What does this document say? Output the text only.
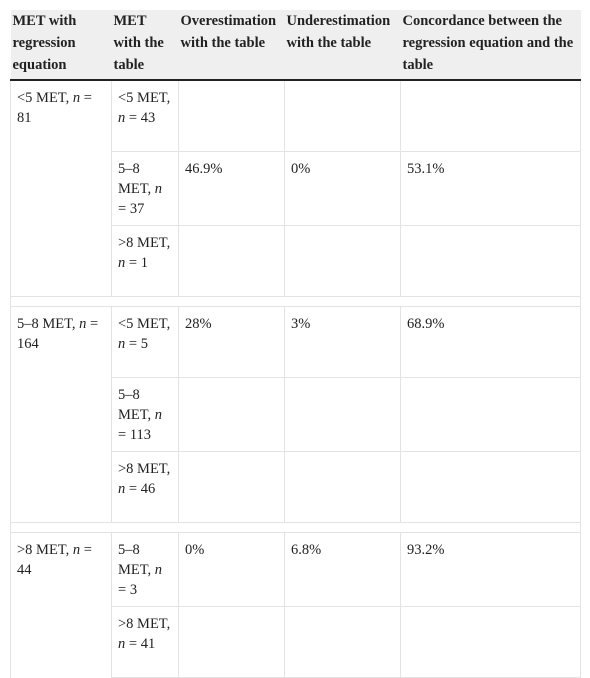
MET with regression equation	MET with the table	Overestimation with the table	Underestimation with the table	Concordance between the regression equation and the table
<5 MET, n = 81	<5 MET, n = 43			
	5–8 MET, n = 37	46.9%	0%	53.1%
	>8 MET, n = 1			

5–8 MET, n = 164	<5 MET, n = 5	28%	3%	68.9%
	5–8 MET, n = 113			
	>8 MET, n = 46			

>8 MET, n = 44	5–8 MET, n = 3	0%	6.8%	93.2%
	>8 MET, n = 41			
